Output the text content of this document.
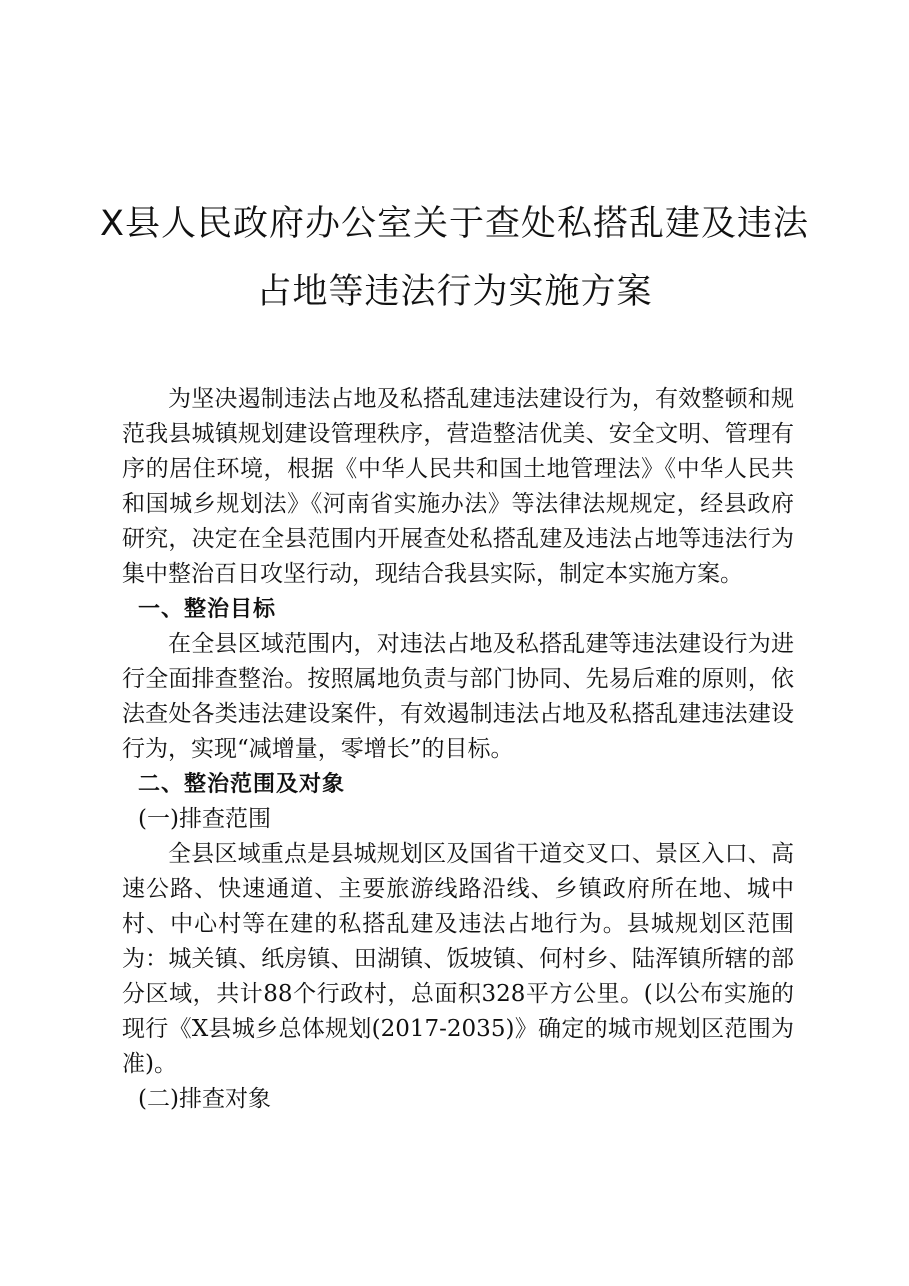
X县人民政府办公室关于查处私搭乱建及违法
占地等违法行为实施方案

为坚决遏制违法占地及私搭乱建违法建设行为，有效整顿和规范我县城镇规划建设管理秩序，营造整洁优美、安全文明、管理有序的居住环境，根据《中华人民共和国土地管理法》《中华人民共和国城乡规划法》《河南省实施办法》等法律法规规定，经县政府研究，决定在全县范围内开展查处私搭乱建及违法占地等违法行为集中整治百日攻坚行动，现结合我县实际，制定本实施方案。

一、整治目标

在全县区域范围内，对违法占地及私搭乱建等违法建设行为进行全面排查整治。按照属地负责与部门协同、先易后难的原则，依法查处各类违法建设案件，有效遏制违法占地及私搭乱建违法建设行为，实现“减增量，零增长”的目标。

二、整治范围及对象

(一)排查范围

全县区域重点是县城规划区及国省干道交叉口、景区入口、高速公路、快速通道、主要旅游线路沿线、乡镇政府所在地、城中村、中心村等在建的私搭乱建及违法占地行为。县城规划区范围为：城关镇、纸房镇、田湖镇、饭坡镇、何村乡、陆浑镇所辖的部分区域，共计88个行政村，总面积328平方公里。(以公布实施的现行《X县城乡总体规划(2017-2035)》确定的城市规划区范围为准)。

(二)排查对象
